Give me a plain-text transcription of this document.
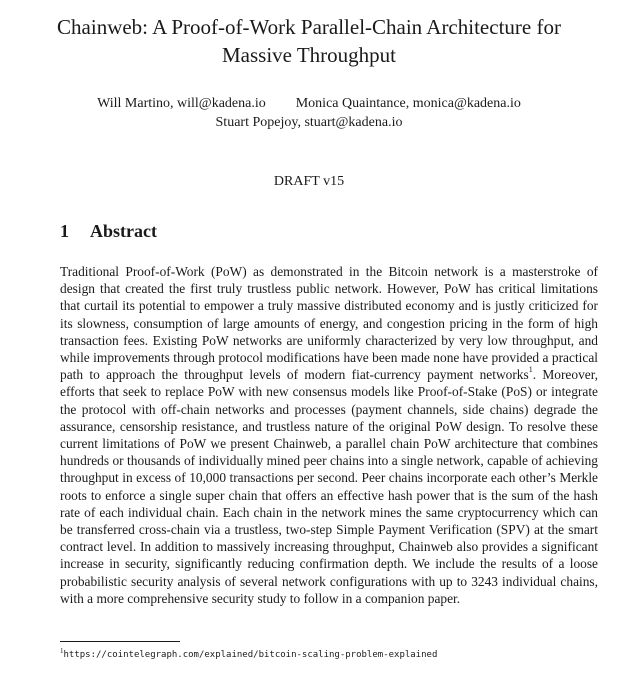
Chainweb: A Proof-of-Work Parallel-Chain Architecture for Massive Throughput
Will Martino, will@kadena.io Monica Quaintance, monica@kadena.io
Stuart Popejoy, stuart@kadena.io
DRAFT v15
1 Abstract

Traditional Proof-of-Work (PoW) as demonstrated in the Bitcoin network is a masterstroke of design that created the first truly trustless public network. However, PoW has critical limitations that curtail its potential to empower a truly massive distributed economy and is justly criticized for its slowness, consumption of large amounts of energy, and congestion pricing in the form of high transaction fees. Existing PoW networks are uniformly characterized by very low throughput, and while improvements through protocol modifications have been made none have provided a practical path to approach the throughput levels of modern fiat-currency payment networks$^1$. Moreover, efforts that seek to replace PoW with new consensus models like Proof-of-Stake (PoS) or integrate the protocol with off-chain networks and processes (payment channels, side chains) degrade the assurance, censorship resistance, and trustless nature of the original PoW design. To resolve these current limitations of PoW we present Chainweb, a parallel chain PoW architecture that combines hundreds or thousands of individually mined peer chains into a single network, capable of achieving throughput in excess of 10,000 transactions per second. Peer chains incorporate each other’s Merkle roots to enforce a single super chain that offers an effective hash power that is the sum of the hash rate of each individual chain. Each chain in the network mines the same cryptocurrency which can be transferred cross-chain via a trustless, two-step Simple Payment Verification (SPV) at the smart contract level. In addition to massively increasing throughput, Chainweb also provides a significant increase in security, significantly reducing confirmation depth. We include the results of a loose probabilistic security analysis of several network configurations with up to 3243 individual chains, with a more comprehensive security study to follow in a companion paper.

$^1$https://cointelegraph.com/explained/bitcoin-scaling-problem-explained
